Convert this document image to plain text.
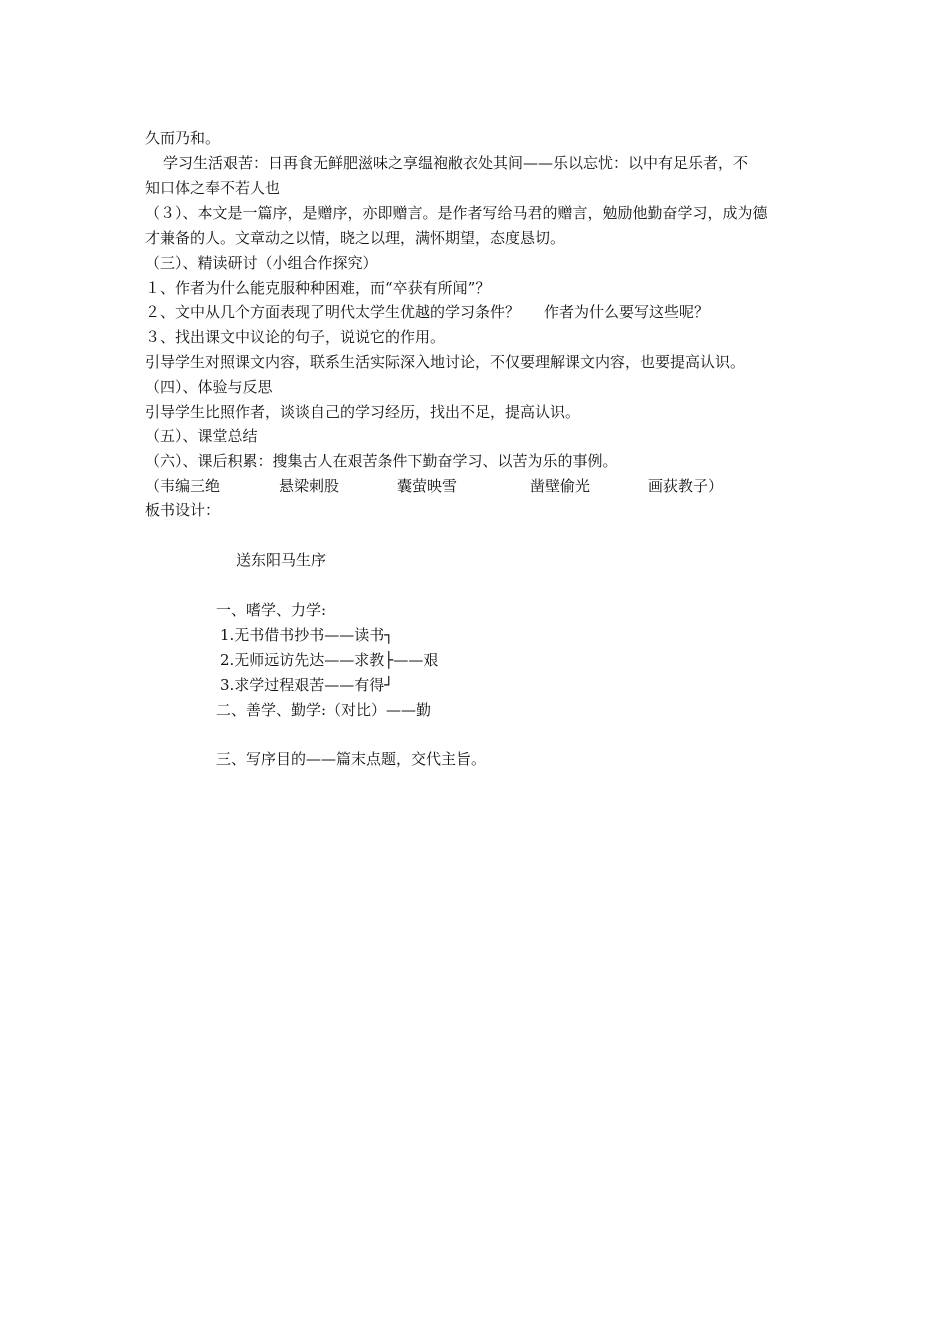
久而乃和。
学习生活艰苦：日再食无鲜肥滋味之享缊袍敝衣处其间——乐以忘忧：以中有足乐者，不
知口体之奉不若人也
（３）、本文是一篇序，是赠序，亦即赠言。是作者写给马君的赠言，勉励他勤奋学习，成为德
才兼备的人。文章动之以情，晓之以理，满怀期望，态度恳切。
（三）、精读研讨（小组合作探究）
１、作者为什么能克服种种困难，而“卒获有所闻”？
２、文中从几个方面表现了明代太学生优越的学习条件？ 作者为什么要写这些呢？
３、找出课文中议论的句子，说说它的作用。
引导学生对照课文内容，联系生活实际深入地讨论，不仅要理解课文内容，也要提高认识。
（四）、体验与反思
引导学生比照作者，谈谈自己的学习经历，找出不足，提高认识。
（五）、课堂总结
（六）、课后积累：搜集古人在艰苦条件下勤奋学习、以苦为乐的事例。
（韦编三绝	悬梁刺股	囊萤映雪	凿壁偷光	画荻教子）
板书设计：
送东阳马生序
一、嗜学、力学:
1.无书借书抄书——读书┐
2.无师远访先达——求教├——艰
3.求学过程艰苦——有得┘
二、善学、勤学:（对比）——勤
三、写序目的——篇末点题，交代主旨。
